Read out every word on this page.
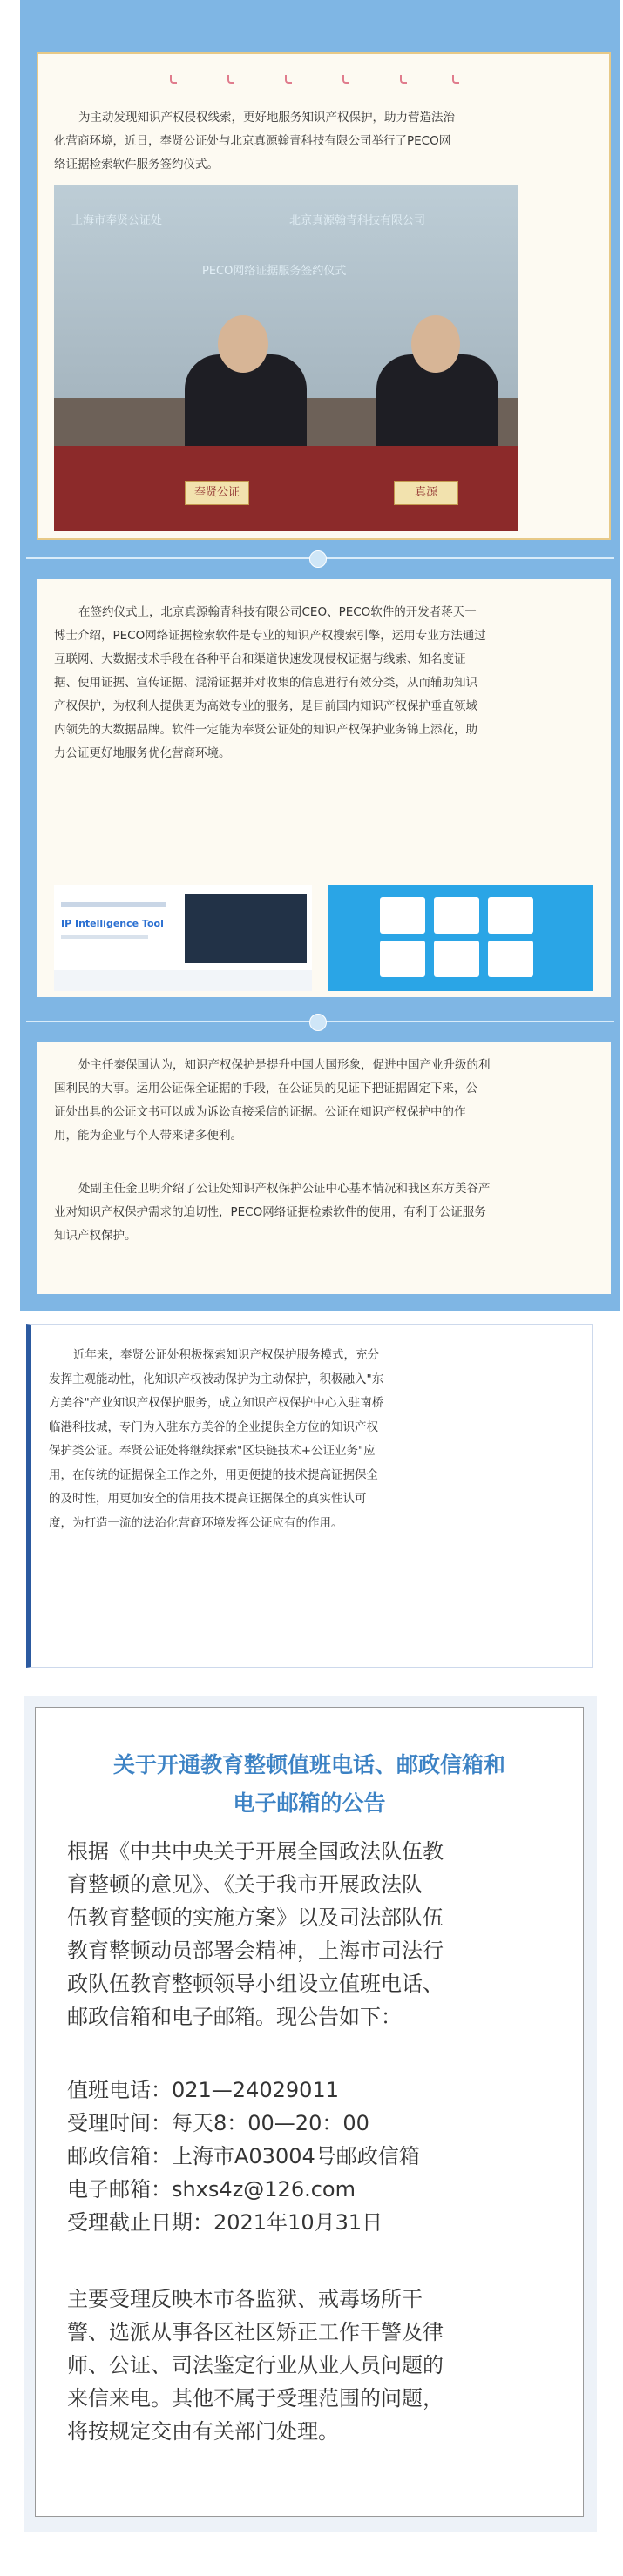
为主动发现知识产权侵权线索，更好地服务知识产权保护，助力营造法治
化营商环境，近日，奉贤公证处与北京真源翰青科技有限公司举行了PECO网
络证据检索软件服务签约仪式。
上海市奉贤公证处	北京真源翰青科技有限公司
PECO网络证据服务签约仪式
奉贤公证	真源
在签约仪式上，北京真源翰青科技有限公司CEO、PECO软件的开发者蒋天一
博士介绍，PECO网络证据检索软件是专业的知识产权搜索引擎，运用专业方法通过
互联网、大数据技术手段在各种平台和渠道快速发现侵权证据与线索、知名度证
据、使用证据、宣传证据、混淆证据并对收集的信息进行有效分类，从而辅助知识
产权保护，为权利人提供更为高效专业的服务，是目前国内知识产权保护垂直领域
内领先的大数据品牌。软件一定能为奉贤公证处的知识产权保护业务锦上添花，助
力公证更好地服务优化营商环境。
IP Intelligence Tool
处主任秦保国认为，知识产权保护是提升中国大国形象，促进中国产业升级的利
国利民的大事。运用公证保全证据的手段，在公证员的见证下把证据固定下来，公
证处出具的公证文书可以成为诉讼直接采信的证据。公证在知识产权保护中的作
用，能为企业与个人带来诸多便利。
处副主任金卫明介绍了公证处知识产权保护公证中心基本情况和我区东方美谷产
业对知识产权保护需求的迫切性，PECO网络证据检索软件的使用，有利于公证服务
知识产权保护。
近年来，奉贤公证处积极探索知识产权保护服务模式，充分
发挥主观能动性，化知识产权被动保护为主动保护，积极融入"东
方美谷"产业知识产权保护服务，成立知识产权保护中心入驻南桥
临港科技城，专门为入驻东方美谷的企业提供全方位的知识产权
保护类公证。奉贤公证处将继续探索"区块链技术+公证业务"应
用，在传统的证据保全工作之外，用更便捷的技术提高证据保全
的及时性，用更加安全的信用技术提高证据保全的真实性认可
度，为打造一流的法治化营商环境发挥公证应有的作用。
关于开通教育整顿值班电话、邮政信箱和
电子邮箱的公告
根据《中共中央关于开展全国政法队伍教
育整顿的意见》、《关于我市开展政法队
伍教育整顿的实施方案》以及司法部队伍
教育整顿动员部署会精神，上海市司法行
政队伍教育整顿领导小组设立值班电话、
邮政信箱和电子邮箱。现公告如下：
值班电话：021—24029011
受理时间：每天8：00—20：00
邮政信箱：上海市A03004号邮政信箱
电子邮箱：shxs4z@126.com
受理截止日期：2021年10月31日
主要受理反映本市各监狱、戒毒场所干
警、选派从事各区社区矫正工作干警及律
师、公证、司法鉴定行业从业人员问题的
来信来电。其他不属于受理范围的问题，
将按规定交由有关部门处理。
